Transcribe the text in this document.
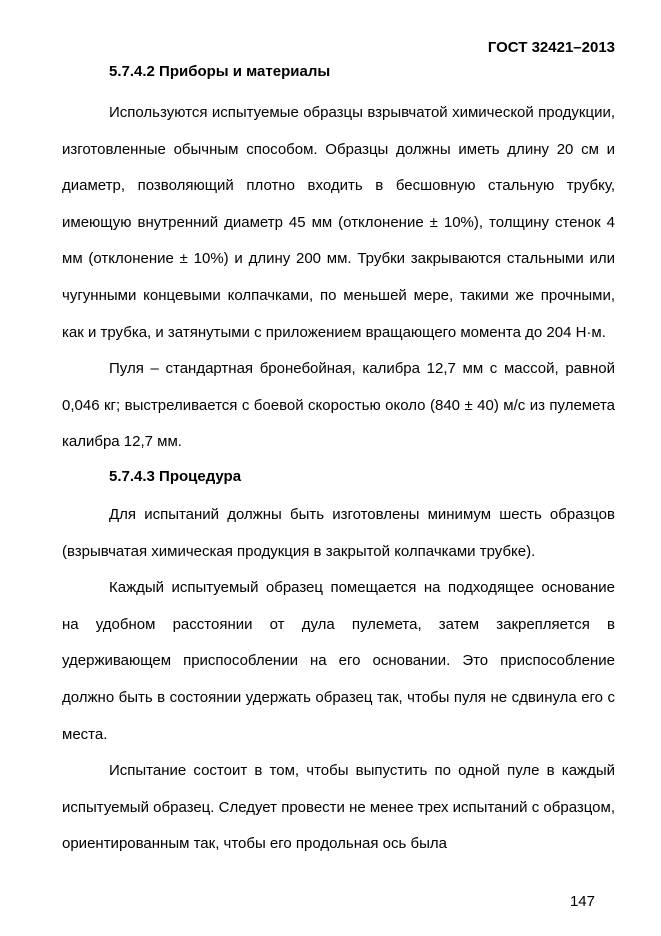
ГОСТ 32421–2013
5.7.4.2 Приборы и материалы

Используются испытуемые образцы взрывчатой химической продукции, изготовленные обычным способом. Образцы должны иметь длину 20 см и диаметр, позволяющий плотно входить в бесшовную стальную трубку, имеющую внутренний диаметр 45 мм (отклонение ± 10%), толщину стенок 4 мм (отклонение ± 10%) и длину 200 мм. Трубки закрываются стальными или чугунными концевыми колпачками, по меньшей мере, такими же прочными, как и трубка, и затянутыми с приложением вращающего момента до 204 Н·м.

Пуля – стандартная бронебойная, калибра 12,7 мм с массой, равной 0,046 кг; выстреливается с боевой скоростью около (840 ± 40) м/с из пулемета калибра 12,7 мм.

5.7.4.3 Процедура

Для испытаний должны быть изготовлены минимум шесть образцов (взрывчатая химическая продукция в закрытой колпачками трубке).

Каждый испытуемый образец помещается на подходящее основание на удобном расстоянии от дула пулемета, затем закрепляется в удерживающем приспособлении на его основании. Это приспособление должно быть в состоянии удержать образец так, чтобы пуля не сдвинула его с места.

Испытание состоит в том, чтобы выпустить по одной пуле в каждый испытуемый образец. Следует провести не менее трех испытаний с образцом, ориентированным так, чтобы его продольная ось была

147
